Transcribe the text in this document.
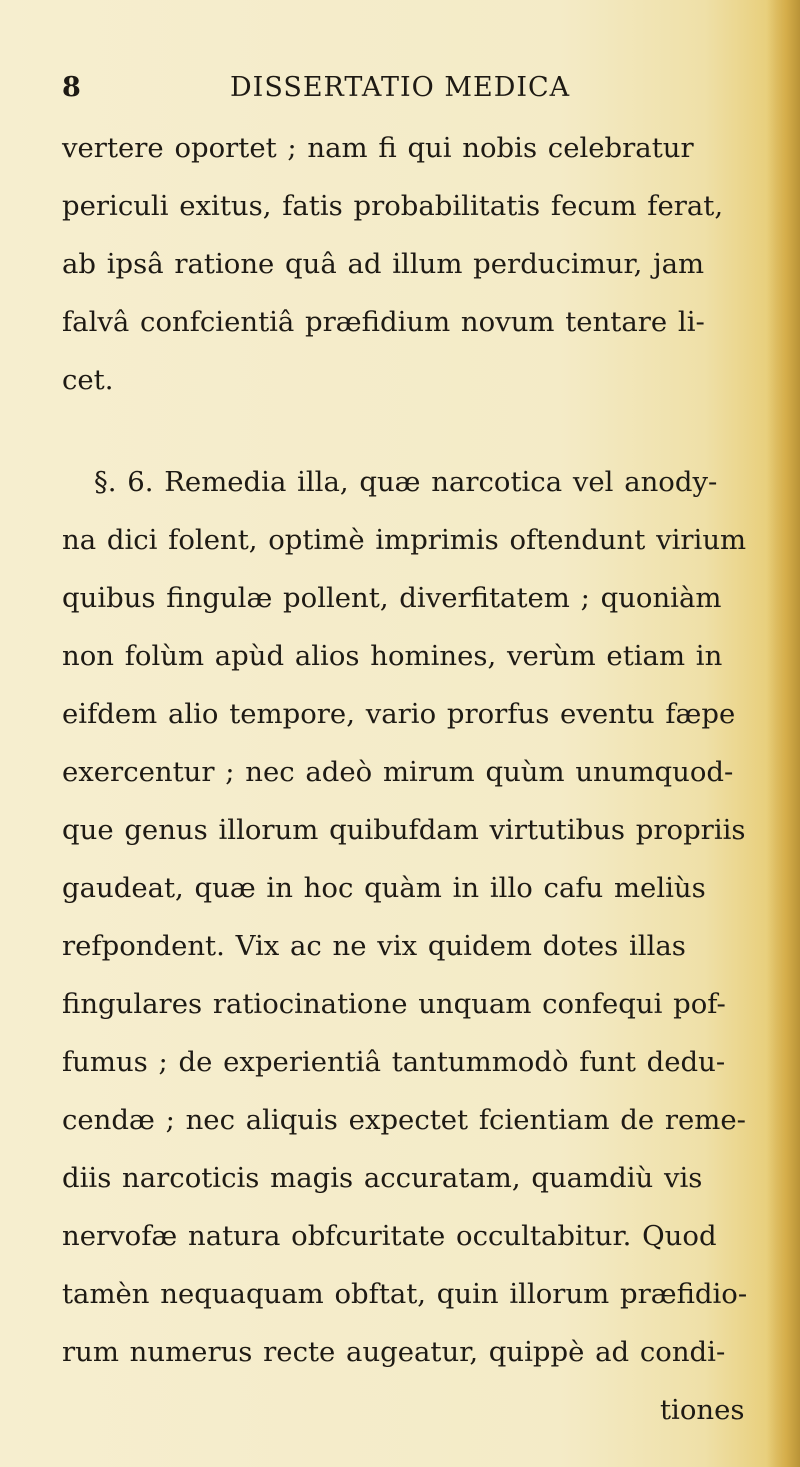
8	DISSERTATIO MEDICA
vertere oportet ; nam fi qui nobis celebratur
periculi exitus, fatis probabilitatis fecum ferat,
ab ipsâ ratione quâ ad illum perducimur, jam
falvâ confcientiâ præfidium novum tentare li-
cet.
§. 6. Remedia illa, quæ narcotica vel anody-
na dici folent, optimè imprimis oftendunt virium
quibus fingulæ pollent, diverfitatem ; quoniàm
non folùm apùd alios homines, verùm etiam in
eifdem alio tempore, vario prorfus eventu fæpe
exercentur ; nec adeò mirum quùm unumquod-
que genus illorum quibufdam virtutibus propriis
gaudeat, quæ in hoc quàm in illo cafu meliùs
refpondent. Vix ac ne vix quidem dotes illas
fingulares ratiocinatione unquam confequi pof-
fumus ; de experientiâ tantummodò funt dedu-
cendæ ; nec aliquis expectet fcientiam de reme-
diis narcoticis magis accuratam, quamdiù vis
nervofæ natura obfcuritate occultabitur. Quod
tamèn nequaquam obftat, quin illorum præfidio-
rum numerus recte augeatur, quippè ad condi-
tiones
